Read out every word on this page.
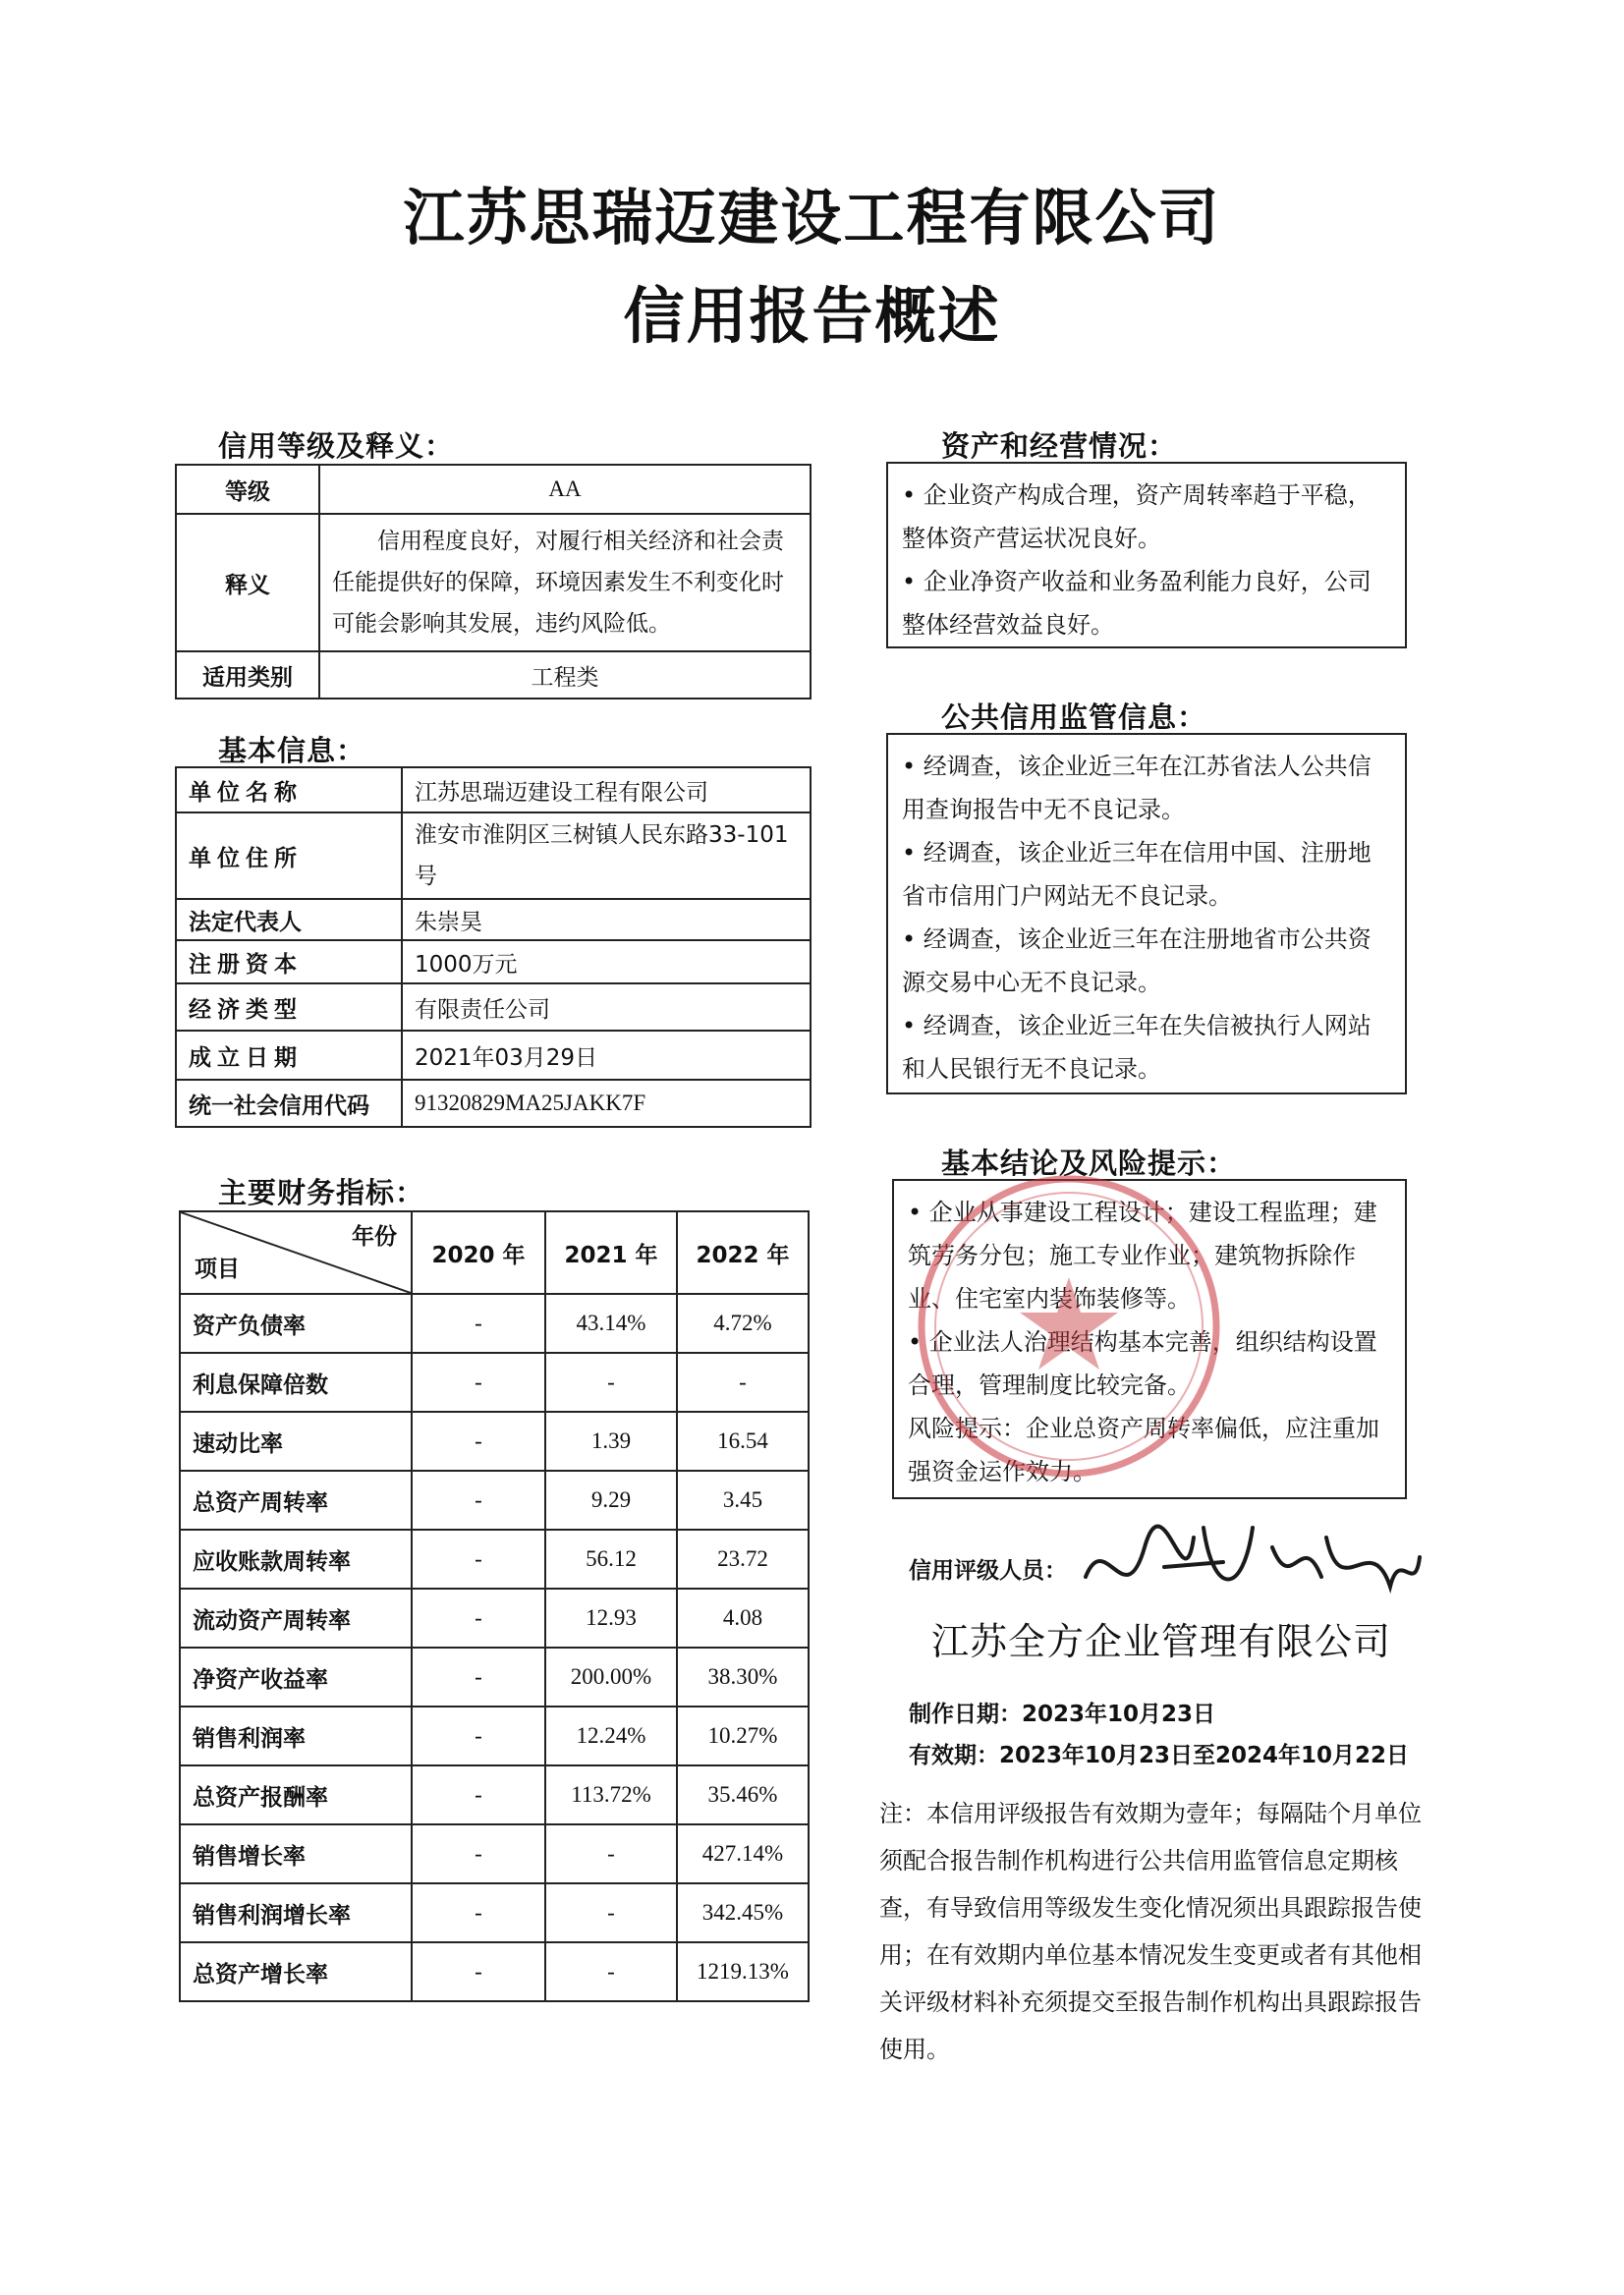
江苏思瑞迈建设工程有限公司
信用报告概述
信用等级及释义：
等级	AA
释义	信用程度良好，对履行相关经济和社会责任能提供好的保障，环境因素发生不利变化时可能会影响其发展，违约风险低。
适用类别	工程类
基本信息：
单位名称	江苏思瑞迈建设工程有限公司
单位住所	淮安市淮阴区三树镇人民东路33-101号
法定代表人	朱崇昊
注册资本	1000万元
经济类型	有限责任公司
成立日期	2021年03月29日
统一社会信用代码	91320829MA25JAKK7F
主要财务指标：
年份
项目	2020 年	2021 年	2022 年
资产负债率	-	43.14%	4.72%
利息保障倍数	-	-	-
速动比率	-	1.39	16.54
总资产周转率	-	9.29	3.45
应收账款周转率	-	56.12	23.72
流动资产周转率	-	12.93	4.08
净资产收益率	-	200.00%	38.30%
销售利润率	-	12.24%	10.27%
总资产报酬率	-	113.72%	35.46%
销售增长率	-	-	427.14%
销售利润增长率	-	-	342.45%
总资产增长率	-	-	1219.13%
资产和经营情况：
• 企业资产构成合理，资产周转率趋于平稳，整体资产营运状况良好。
• 企业净资产收益和业务盈利能力良好，公司整体经营效益良好。
公共信用监管信息：
• 经调查，该企业近三年在江苏省法人公共信用查询报告中无不良记录。
• 经调查，该企业近三年在信用中国、注册地省市信用门户网站无不良记录。
• 经调查，该企业近三年在注册地省市公共资源交易中心无不良记录。
• 经调查，该企业近三年在失信被执行人网站和人民银行无不良记录。
基本结论及风险提示：
• 企业从事建设工程设计；建设工程监理；建筑劳务分包；施工专业作业；建筑物拆除作业、住宅室内装饰装修等。
• 企业法人治理结构基本完善，组织结构设置合理，管理制度比较完备。
风险提示：企业总资产周转率偏低，应注重加强资金运作效力。
信用评级人员：
江苏全方企业管理有限公司
制作日期：2023年10月23日
有效期：2023年10月23日至2024年10月22日
注：本信用评级报告有效期为壹年；每隔陆个月单位须配合报告制作机构进行公共信用监管信息定期核查，有导致信用等级发生变化情况须出具跟踪报告使用；在有效期内单位基本情况发生变更或者有其他相关评级材料补充须提交至报告制作机构出具跟踪报告使用。
